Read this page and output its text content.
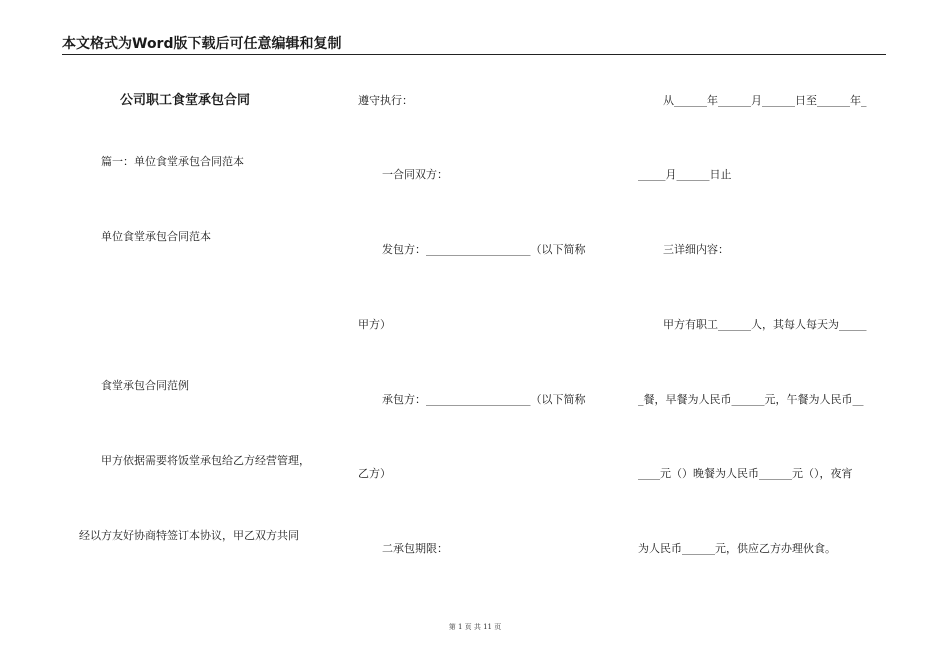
本文格式为Word版下载后可任意编辑和复制
公司职工食堂承包合同
篇一：单位食堂承包合同范本
单位食堂承包合同范本
食堂承包合同范例
甲方依据需要将饭堂承包给乙方经营管理，
经以方友好协商特签订本协议，甲乙双方共同
遵守执行：
一合同双方：
发包方：___________________（以下简称
甲方）
承包方：___________________（以下简称
乙方）
二承包期限：
从______年______月______日至______年_
_____月______日止
三详细内容：
甲方有职工______人，其每人每天为_____
_餐，早餐为人民币______元，午餐为人民币__
____元（）晚餐为人民币______元（），夜宵
为人民币______元，供应乙方办理伙食。
第 1 页 共 11 页
